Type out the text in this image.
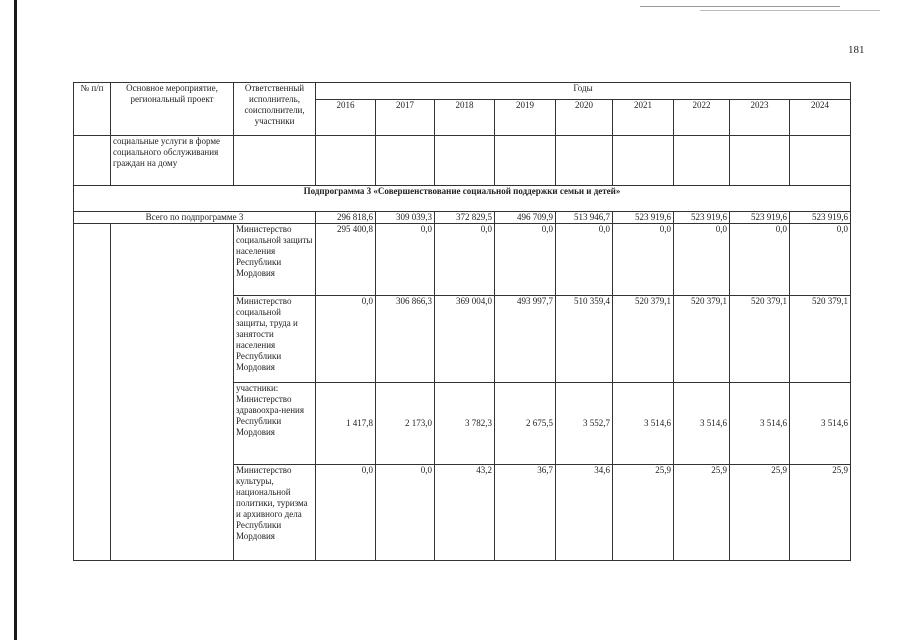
181
№ п/п	Основное мероприятие, региональный проект	Ответственный исполнитель, соисполнители, участники	Годы								
			2016	2017	2018	2019	2020	2021	2022	2023	2024
	социальные услуги в форме социального обслуживания граждан на дому										
Подпрограмма 3 «Совершенствование социальной поддержки семьи и детей»											
Всего по подпрограмме 3			296 818,6	309 039,3	372 829,5	496 709,9	513 946,7	523 919,6	523 919,6	523 919,6	523 919,6
		Министерство социальной защиты населения Республики Мордовия	295 400,8	0,0	0,0	0,0	0,0	0,0	0,0	0,0	0,0
		Министерство социальной защиты, труда и занятости населения Республики Мордовия	0,0	306 866,3	369 004,0	493 997,7	510 359,4	520 379,1	520 379,1	520 379,1	520 379,1
		участники: Министерство здравоохра-нения Республики Мордовия	1 417,8	2 173,0	3 782,3	2 675,5	3 552,7	3 514,6	3 514,6	3 514,6	3 514,6
		Министерство культуры, национальной политики, туризма и архивного дела Республики Мордовия	0,0	0,0	43,2	36,7	34,6	25,9	25,9	25,9	25,9
